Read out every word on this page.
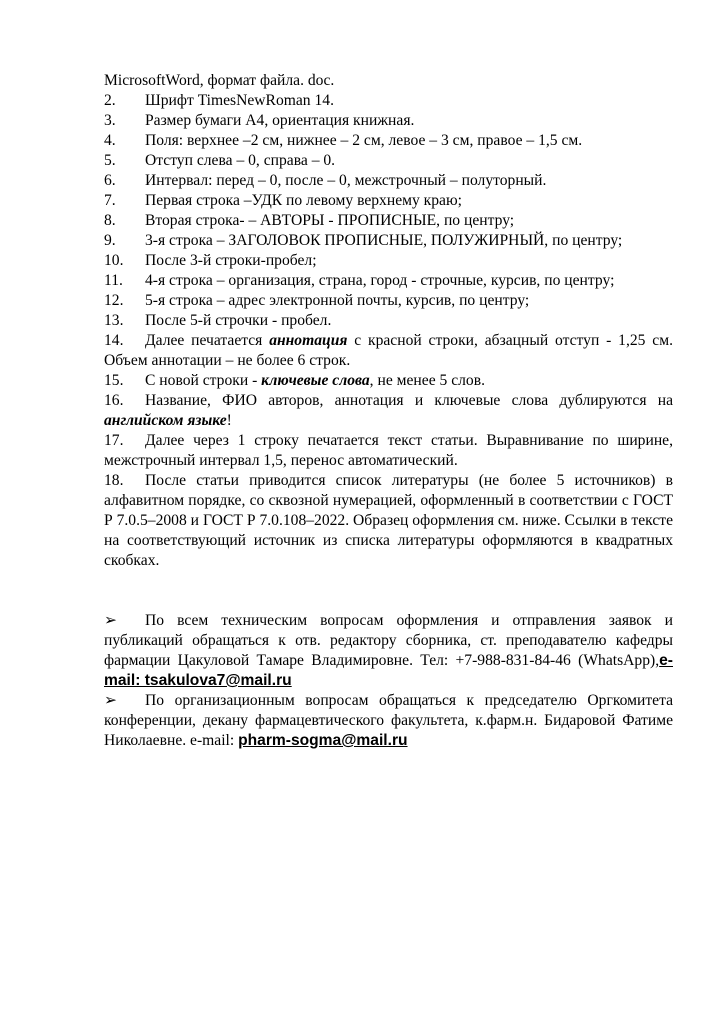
MicrosoftWord, формат файла. doc.

2. Шрифт TimesNewRoman 14.
3. Размер бумаги А4, ориентация книжная.
4. Поля: верхнее –2 см, нижнее – 2 см, левое – 3 см, правое – 1,5 см.
5. Отступ слева – 0, справа – 0.
6. Интервал: перед – 0, после – 0, межстрочный – полуторный.
7. Первая строка –УДК по левому верхнему краю;
8. Вторая строка- – АВТОРЫ - ПРОПИСНЫЕ, по центру;
9. 3-я строка – ЗАГОЛОВОК ПРОПИСНЫЕ, ПОЛУЖИРНЫЙ, по центру;
10. После 3-й строки-пробел;
11. 4-я строка – организация, страна, город - строчные, курсив, по центру;
12. 5-я строка – адрес электронной почты, курсив, по центру;
13. После 5-й строчки - пробел.
14. Далее печатается аннотация с красной строки, абзацный отступ - 1,25 см. Объем аннотации – не более 6 строк.
15. С новой строки - ключевые слова, не менее 5 слов.
16. Название, ФИО авторов, аннотация и ключевые слова дублируются на английском языке!
17. Далее через 1 строку печатается текст статьи. Выравнивание по ширине, межстрочный интервал 1,5, перенос автоматический.
18. После статьи приводится список литературы (не более 5 источников) в алфавитном порядке, со сквозной нумерацией, оформленный в соответствии с ГОСТ Р 7.0.5–2008 и ГОСТ Р 7.0.108–2022. Образец оформления см. ниже. Ссылки в тексте на соответствующий источник из списка литературы оформляются в квадратных скобках.
➢ По всем техническим вопросам оформления и отправления заявок и публикаций обращаться к отв. редактору сборника, ст. преподавателю кафедры фармации Цакуловой Тамаре Владимировне. Тел: +7-988-831-84-46 (WhatsApp),e-mail: tsakulova7@mail.ru
➢ По организационным вопросам обращаться к председателю Оргкомитета конференции, декану фармацевтического факультета, к.фарм.н. Бидаровой Фатиме Николаевне. e-mail: pharm-sogma@mail.ru
